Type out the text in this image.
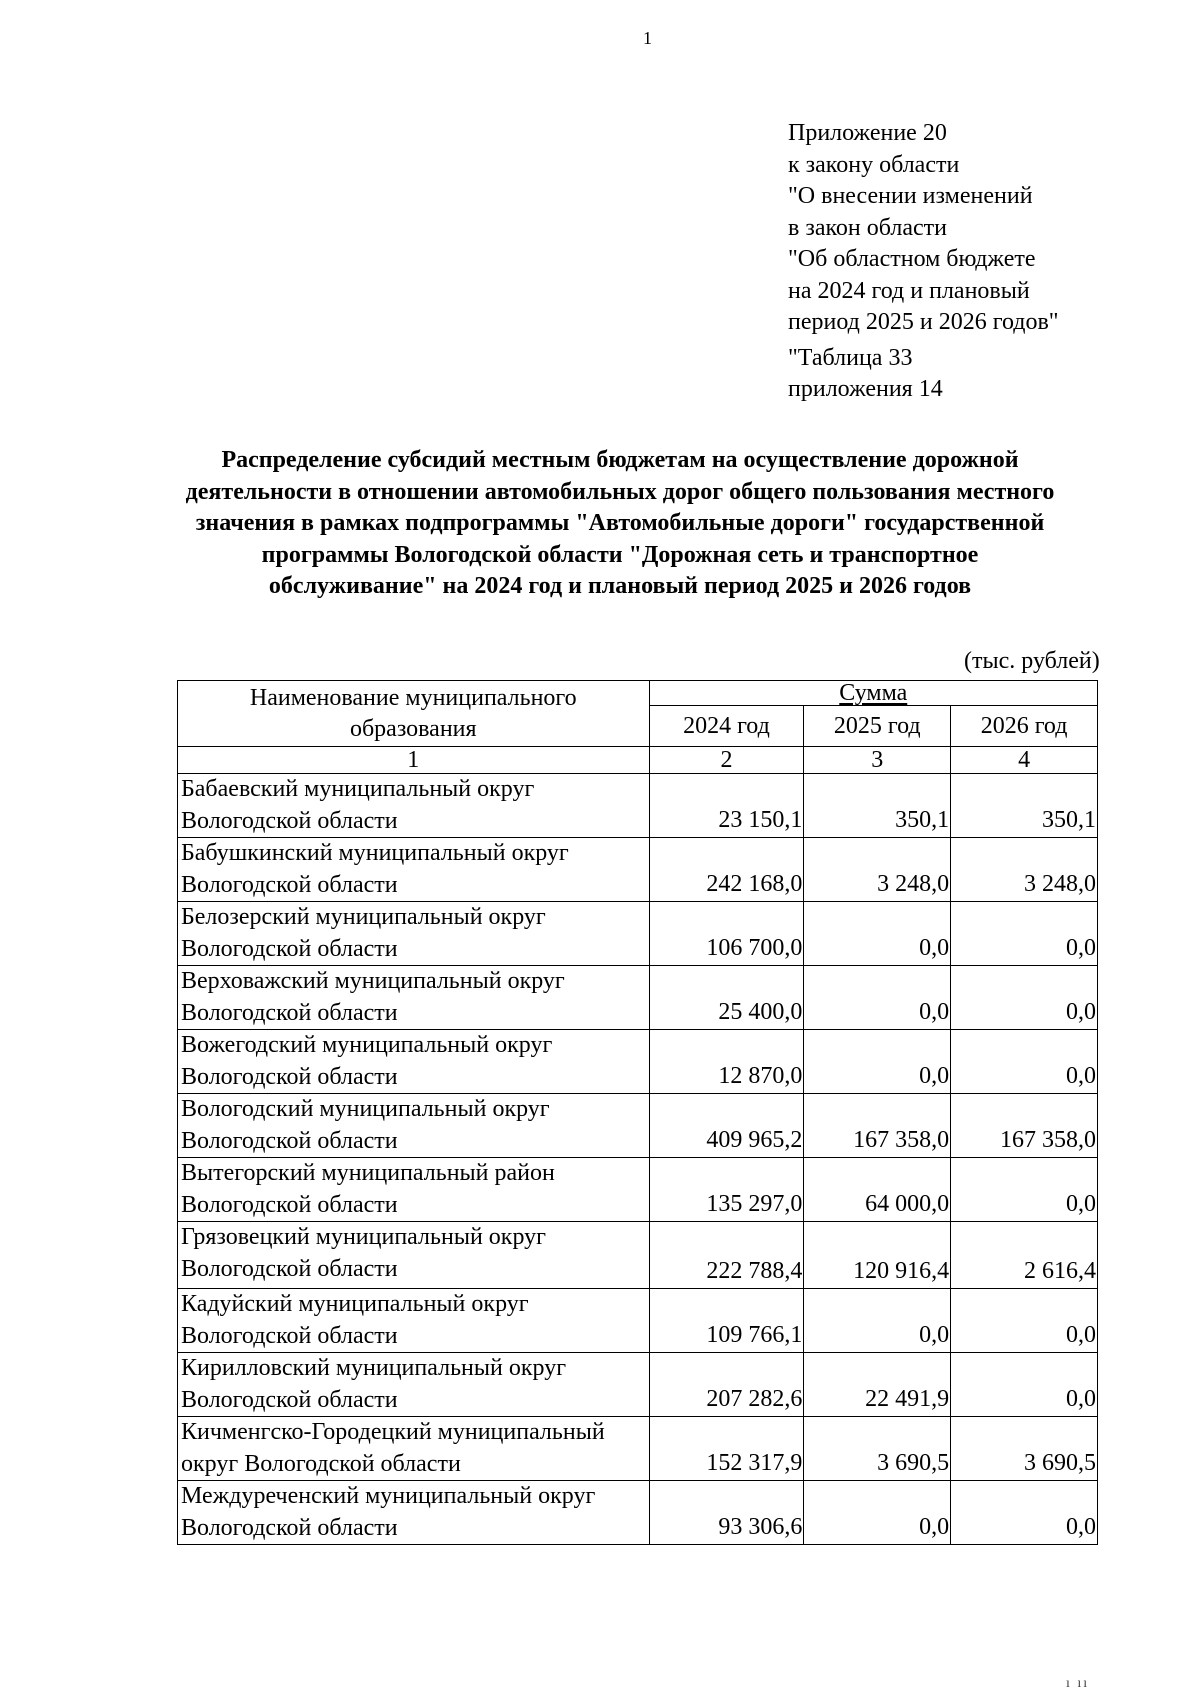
1
Приложение 20
к закону области
"О внесении изменений
в закон области
"Об областном бюджете
на 2024 год и плановый
период 2025 и 2026 годов"
"Таблица 33
приложения 14
Распределение субсидий местным бюджетам на осуществление дорожной
деятельности в отношении автомобильных дорог общего пользования местного
значения в рамках подпрограммы "Автомобильные дороги" государственной
программы Вологодской области "Дорожная сеть и транспортное
обслуживание" на 2024 год и плановый период 2025 и 2026 годов
(тыс. рублей)
Наименование муниципального
образования	Сумма		
	2024 год	2025 год	2026 год
1	2	3	4

Бабаевский муниципальный округ
Вологодской области	23 150,1	350,1	350,1

Бабушкинский муниципальный округ
Вологодской области	242 168,0	3 248,0	3 248,0

Белозерский муниципальный округ
Вологодской области	106 700,0	0,0	0,0

Верховажский муниципальный округ
Вологодской области	25 400,0	0,0	0,0

Вожегодский муниципальный округ
Вологодской области	12 870,0	0,0	0,0

Вологодский муниципальный округ
Вологодской области	409 965,2	167 358,0	167 358,0

Вытегорский муниципальный район
Вологодской области	135 297,0	64 000,0	0,0

Грязовецкий муниципальный округ
Вологодской области	222 788,4	120 916,4	2 616,4

Кадуйский муниципальный округ
Вологодской области	109 766,1	0,0	0,0

Кирилловский муниципальный округ
Вологодской области	207 282,6	22 491,9	0,0

Кичменгско-Городецкий муниципальный
округ Вологодской области	152 317,9	3 690,5	3 690,5

Междуреченский муниципальный округ
Вологодской области	93 306,6	0,0	0,0
ı ıı
